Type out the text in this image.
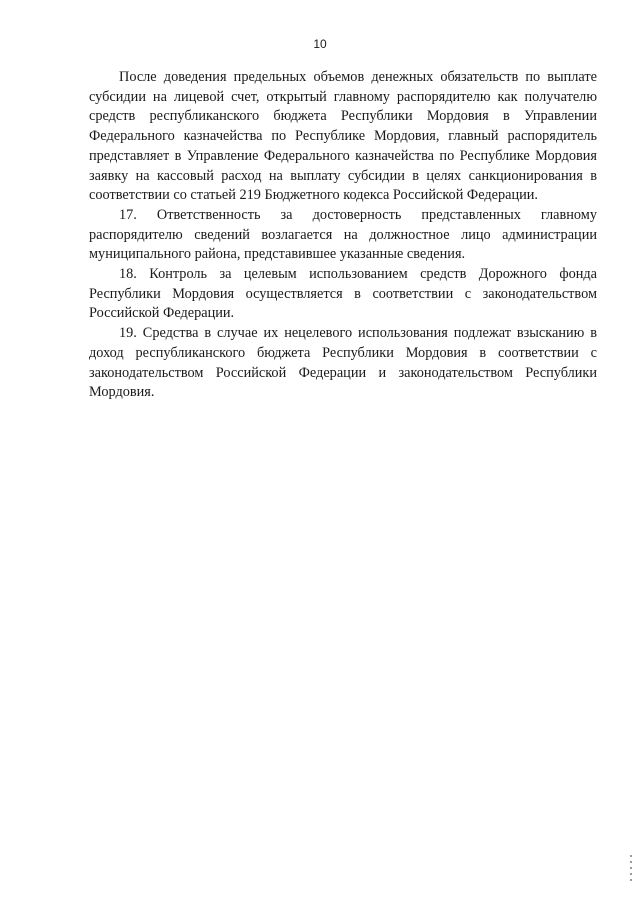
10

После доведения предельных объемов денежных обязательств по выплате субсидии на лицевой счет, открытый главному распорядителю как получателю средств республиканского бюджета Республики Мордовия в Управлении Федерального казначейства по Республике Мордовия, главный распорядитель представляет в Управление Федерального казначейства по Республике Мордовия заявку на кассовый расход на выплату субсидии в целях санкционирования в соответствии со статьей 219 Бюджетного кодекса Российской Федерации.

17. Ответственность за достоверность представленных главному распорядителю сведений возлагается на должностное лицо администрации муниципального района, представившее указанные сведения.

18. Контроль за целевым использованием средств Дорожного фонда Республики Мордовия осуществляется в соответствии с законодательством Российской Федерации.

19. Средства в случае их нецелевого использования подлежат взысканию в доход республиканского бюджета Республики Мордовия в соответствии с законодательством Российской Федерации и законодательством Республики Мордовия.
